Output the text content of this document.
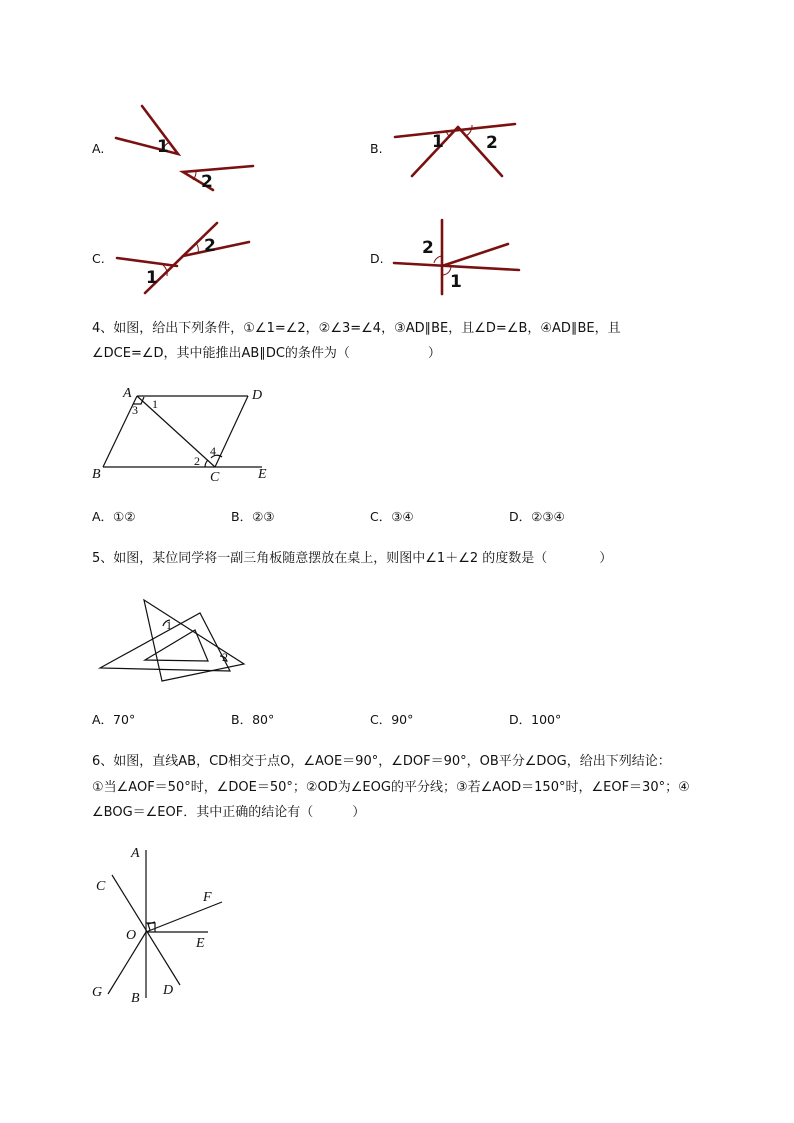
A.	1
2
B.	1 2
C.
1
2
D.
2
1
4、如图，给出下列条件，①∠1=∠2，②∠3=∠4，③AD∥BE，且∠D=∠B，④AD∥BE，且
∠DCE=∠D，其中能推出AB∥DC的条件为（　　　　　　）
A	D
B	C	E
1
2
3
4
A．①②	B．②③	C．③④	D．②③④
5、如图，某位同学将一副三角板随意摆放在桌上，则图中∠1＋∠2 的度数是（　　　　）
1
2
A．70°	B．80°	C．90°	D．100°
6、如图，直线AB，CD相交于点O，∠AOE＝90°，∠DOF＝90°，OB平分∠DOG，给出下列结论：
①当∠AOF＝50°时，∠DOE＝50°；②OD为∠EOG的平分线；③若∠AOD＝150°时，∠EOF＝30°；④
∠BOG＝∠EOF．其中正确的结论有（　　　）
A
C
F
O
E
G B
D
